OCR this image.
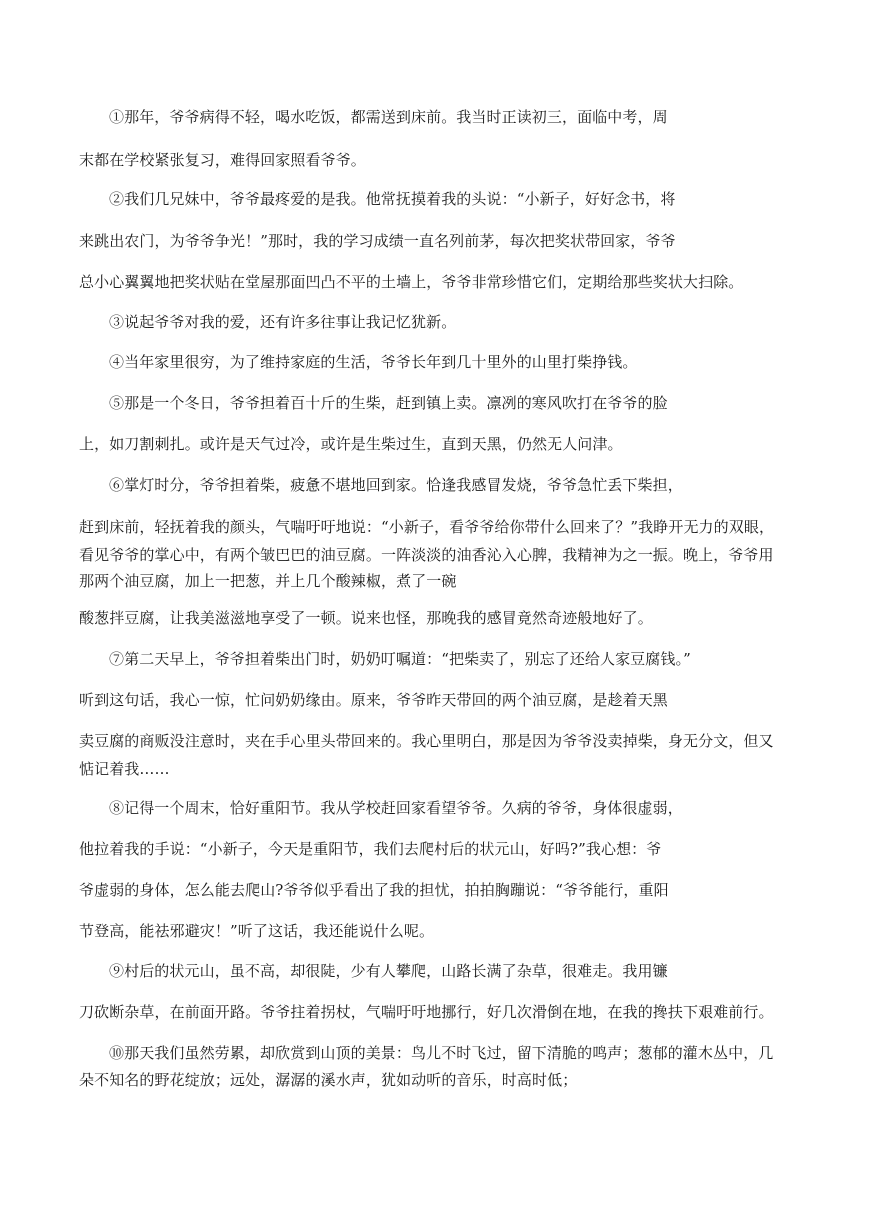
①那年，爷爷病得不轻，喝水吃饭，都需送到床前。我当时正读初三，面临中考，周
末都在学校紧张复习，难得回家照看爷爷。
②我们几兄妹中，爷爷最疼爱的是我。他常抚摸着我的头说：“小新子，好好念书，将
来跳出农门，为爷爷争光！”那时，我的学习成绩一直名列前茅，每次把奖状带回家，爷爷
总小心翼翼地把奖状贴在堂屋那面凹凸不平的土墙上，爷爷非常珍惜它们，定期给那些奖状大扫除。
③说起爷爷对我的爱，还有许多往事让我记忆犹新。
④当年家里很穷，为了维持家庭的生活，爷爷长年到几十里外的山里打柴挣钱。
⑤那是一个冬日，爷爷担着百十斤的生柴，赶到镇上卖。凛冽的寒风吹打在爷爷的脸
上，如刀割刺扎。或许是天气过冷，或许是生柴过生，直到天黑，仍然无人问津。
⑥掌灯时分，爷爷担着柴，疲惫不堪地回到家。恰逢我感冒发烧，爷爷急忙丢下柴担，
赶到床前，轻抚着我的颜头，气喘吁吁地说：“小新子，看爷爷给你带什么回来了？”我睁开无力的双眼，
看见爷爷的掌心中，有两个皱巴巴的油豆腐。一阵淡淡的油香沁入心脾，我精神为之一振。晚上，爷爷用
那两个油豆腐，加上一把葱，并上几个酸辣椒，煮了一碗
酸葱拌豆腐，让我美滋滋地享受了一顿。说来也怪，那晚我的感冒竟然奇迹般地好了。
⑦第二天早上，爷爷担着柴出门时，奶奶叮嘱道：“把柴卖了，别忘了还给人家豆腐钱。”
听到这句话，我心一惊，忙问奶奶缘由。原来，爷爷昨天带回的两个油豆腐，是趁着天黑
卖豆腐的商贩没注意时，夹在手心里头带回来的。我心里明白，那是因为爷爷没卖掉柴，身无分文，但又
惦记着我……
⑧记得一个周末，恰好重阳节。我从学校赶回家看望爷爷。久病的爷爷，身体很虚弱，
他拉着我的手说：“小新子，今天是重阳节，我们去爬村后的状元山，好吗?”我心想：爷
爷虚弱的身体，怎么能去爬山?爷爷似乎看出了我的担忧，拍拍胸蹦说：“爷爷能行，重阳
节登高，能祛邪避灾！”听了这话，我还能说什么呢。
⑨村后的状元山，虽不高，却很陡，少有人攀爬，山路长满了杂草，很难走。我用镰
刀砍断杂草，在前面开路。爷爷拄着拐杖，气喘吁吁地挪行，好几次滑倒在地，在我的搀扶下艰难前行。
⑩那天我们虽然劳累，却欣赏到山顶的美景：鸟儿不时飞过，留下清脆的鸣声；葱郁的灌木丛中，几
朵不知名的野花绽放；远处，潺潺的溪水声，犹如动听的音乐，时高时低；
